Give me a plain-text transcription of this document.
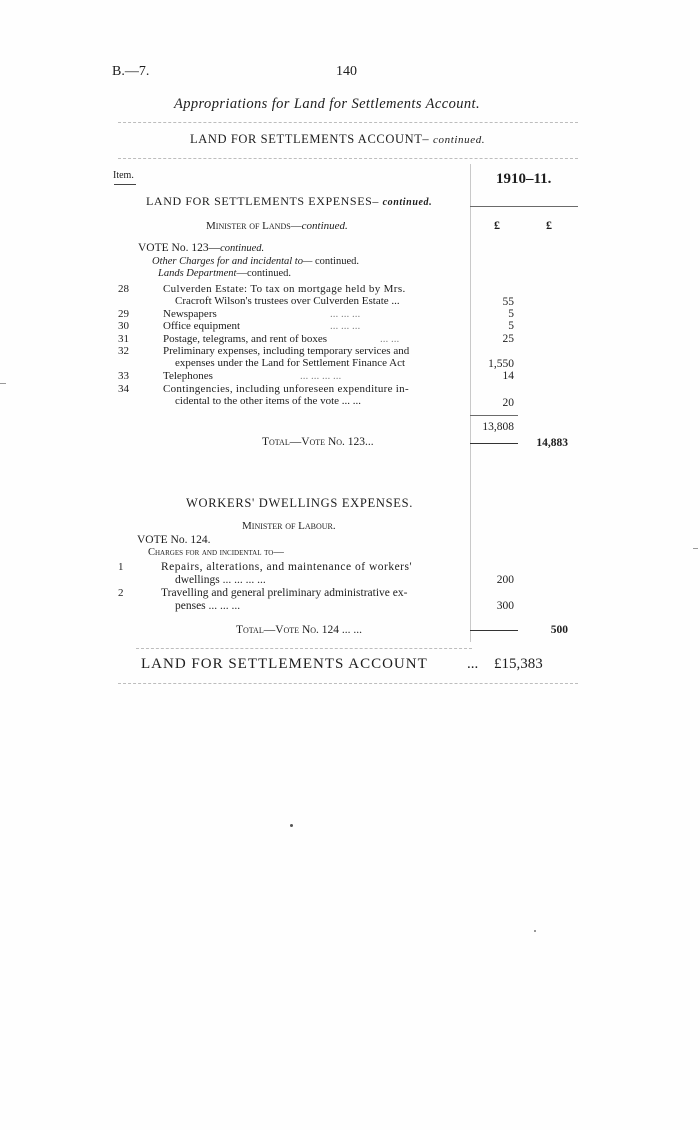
B.—7.	140
Appropriations for Land for Settlements Account.
LAND FOR SETTLEMENTS ACCOUNT– continued.
Item.	1910–11.
LAND FOR SETTLEMENTS EXPENSES– continued.
Minister of Lands—continued.	£	£
VOTE No. 123—continued.
Other Charges for and incidental to— continued.
Lands Department—continued.
28	Culverden Estate: To tax on mortgage held by Mrs.
Cracroft Wilson's trustees over Culverden Estate ...	55
29	Newspapers	... ... ...	5
30	Office equipment	... ... ...	5
31	Postage, telegrams, and rent of boxes	... ...	25
32	Preliminary expenses, including temporary services and
expenses under the Land for Settlement Finance Act	1,550
33	Telephones	... ... ... ...	14
34	Contingencies, including unforeseen expenditure in-
cidental to the other items of the vote ... ...	20
13,808
Total—Vote No. 123...	14,883
WORKERS' DWELLINGS EXPENSES.
Minister of Labour.
VOTE No. 124.
Charges for and incidental to—
1	Repairs, alterations, and maintenance of workers'
dwellings ... ... ... ...	200
2	Travelling and general preliminary administrative ex-
penses ... ... ...	300
Total—Vote No. 124 ... ...	500
LAND FOR SETTLEMENTS ACCOUNT	... £15,383
